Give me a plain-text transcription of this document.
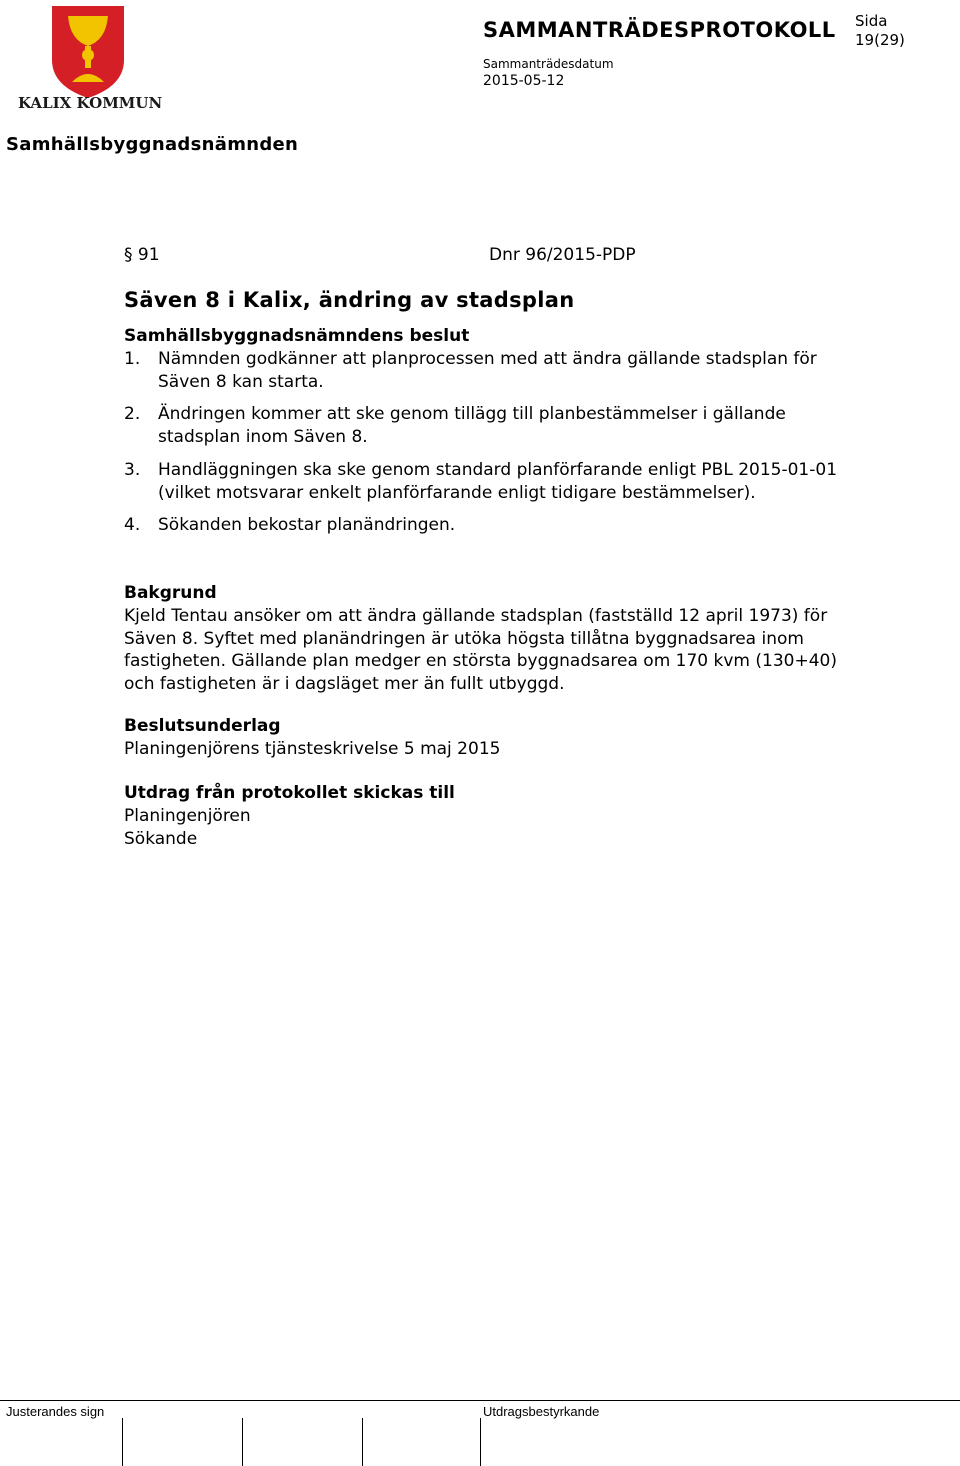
KALIX KOMMUN
SAMMANTRÄDESPROTOKOLL Sida
19(29)
Sammanträdesdatum
2015-05-12
Samhällsbyggnadsnämnden
§ 91	Dnr 96/2015-PDP
Säven 8 i Kalix, ändring av stadsplan
Samhällsbyggnadsnämndens beslut
1. Nämnden godkänner att planprocessen med att ändra gällande stadsplan för Säven 8 kan starta.
2. Ändringen kommer att ske genom tillägg till planbestämmelser i gällande stadsplan inom Säven 8.
3. Handläggningen ska ske genom standard planförfarande enligt PBL 2015-01-01 (vilket motsvarar enkelt planförfarande enligt tidigare bestämmelser).
4. Sökanden bekostar planändringen.
Bakgrund
Kjeld Tentau ansöker om att ändra gällande stadsplan (fastställd 12 april 1973) för Säven 8. Syftet med planändringen är utöka högsta tillåtna byggnadsarea inom fastigheten. Gällande plan medger en största byggnadsarea om 170 kvm (130+40) och fastigheten är i dagsläget mer än fullt utbyggd.
Beslutsunderlag
Planingenjörens tjänsteskrivelse 5 maj 2015
Utdrag från protokollet skickas till
Planingenjören
Sökande
Justerandes sign	Utdragsbestyrkande
